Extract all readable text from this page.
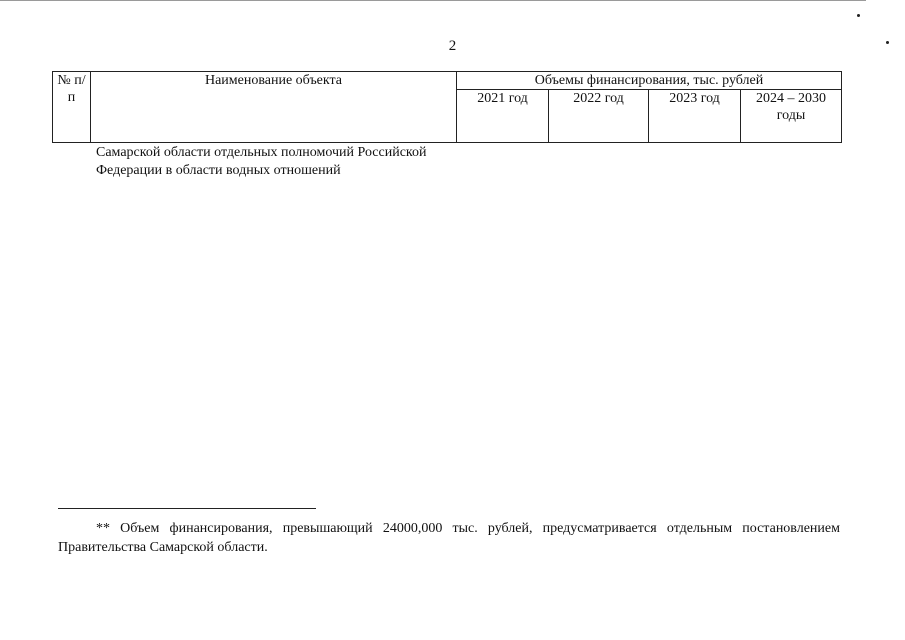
2
№ п/п	Наименование объекта	Объемы финансирования, тыс. рублей			
		2021 год	2022 год	2023 год	2024 – 2030 годы
Самарской области отдельных полномочий Российской
Федерации в области водных отношений
** Объем финансирования, превышающий 24000,000 тыс. рублей, предусматривается отдельным постановлением Правительства Самарской области.
